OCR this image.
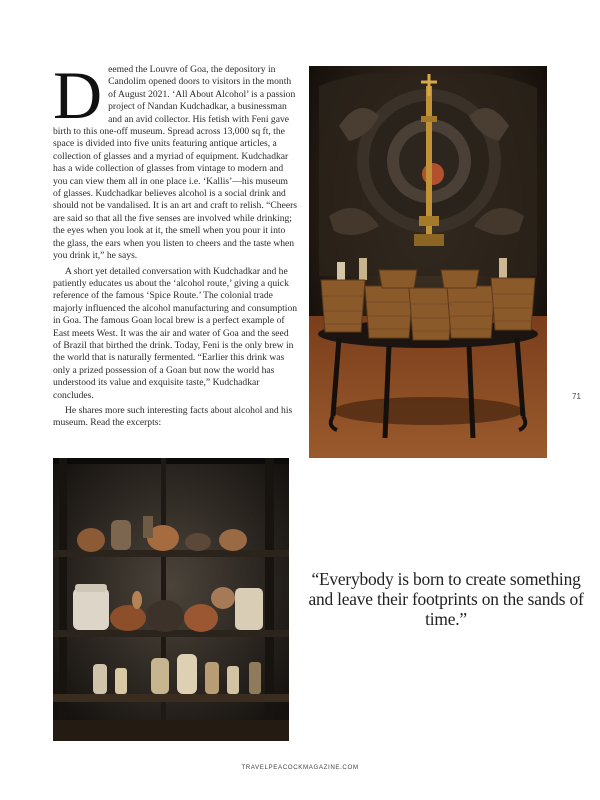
D eemed the Louvre of Goa, the depository in Candolim opened doors to visitors in the month of August 2021. ‘All About Alcohol’ is a passion project of Nandan Kudchadkar, a businessman and an avid collector. His fetish with Feni gave birth to this one-off museum. Spread across 13,000 sq ft, the space is divided into five units featuring antique articles, a collection of glasses and a myriad of equipment. Kudchadkar has a wide collection of glasses from vintage to modern and you can view them all in one place i.e. ‘Kallis’—his museum of glasses. Kudchadkar believes alcohol is a social drink and should not be vandalised. It is an art and craft to relish. “Cheers are said so that all the five senses are involved while drinking; the eyes when you look at it, the smell when you pour it into the glass, the ears when you listen to cheers and the taste when you drink it,” he says.

A short yet detailed conversation with Kudchadkar and he patiently educates us about the ‘alcohol route,’ giving a quick reference of the famous ‘Spice Route.’ The colonial trade majorly influenced the alcohol manufacturing and consumption in Goa. The famous Goan local brew is a perfect example of East meets West. It was the air and water of Goa and the seed of Brazil that birthed the drink. Today, Feni is the only brew in the world that is naturally fermented. “Earlier this drink was only a prized possession of a Goan but now the world has understood its value and exquisite taste,” Kudchadkar concludes.

He shares more such interesting facts about alcohol and his museum. Read the excerpts:

71
“Everybody is born to create something and leave their footprints on the sands of time.”
TRAVELPEACOCKMAGAZINE.COM
